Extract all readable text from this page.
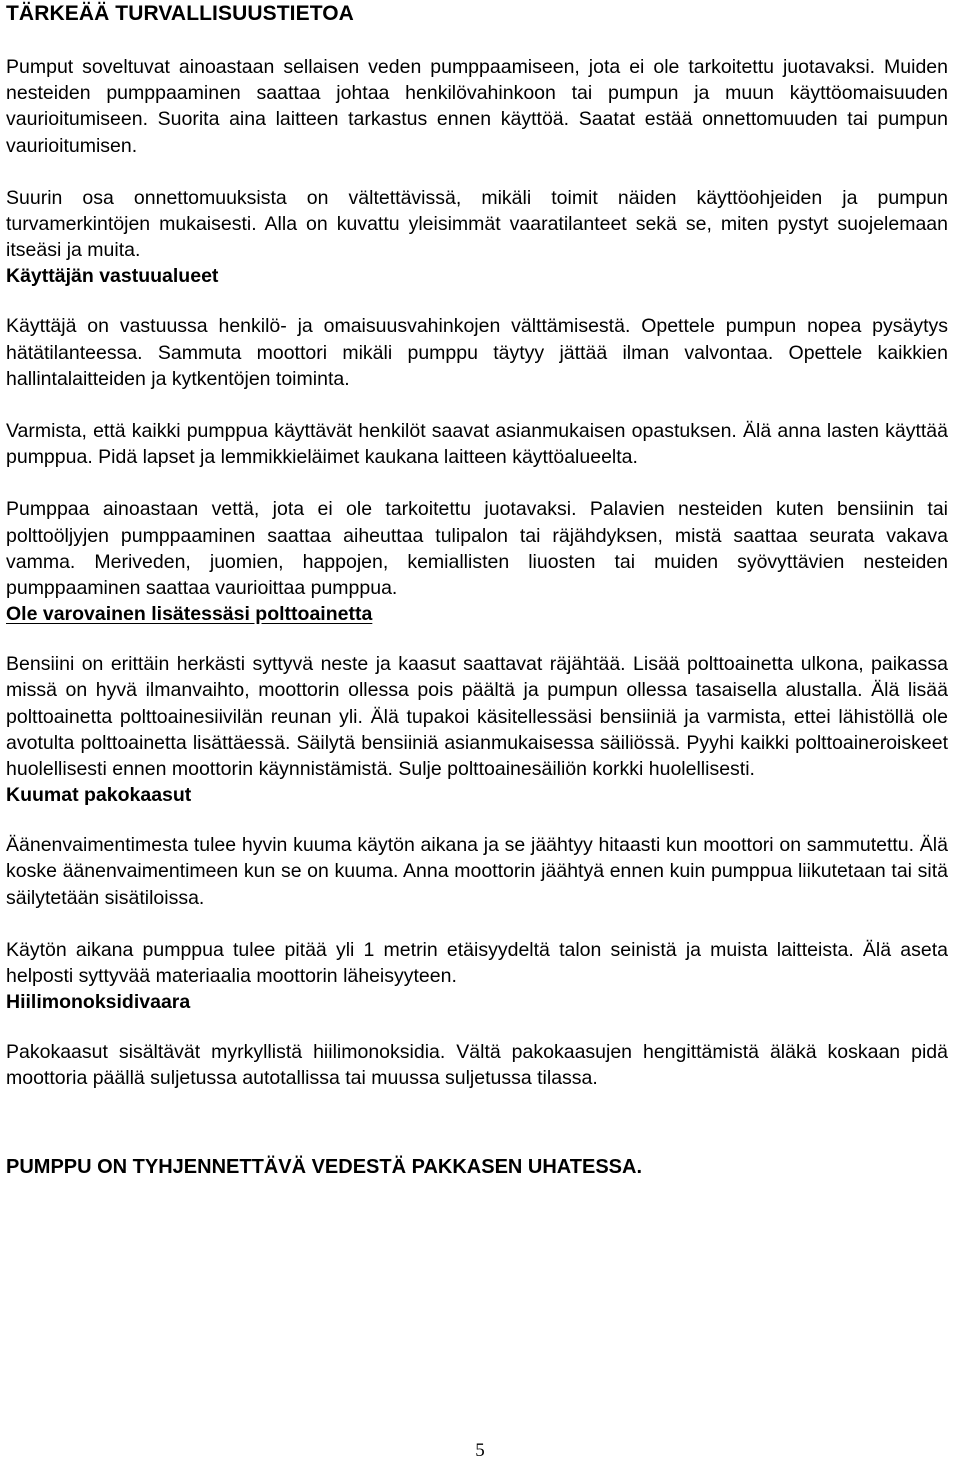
TÄRKEÄÄ TURVALLISUUSTIETOA

Pumput soveltuvat ainoastaan sellaisen veden pumppaamiseen, jota ei ole tarkoitettu juotavaksi. Muiden nesteiden pumppaaminen saattaa johtaa henkilövahinkoon tai pumpun ja muun käyttöomaisuuden vaurioitumiseen. Suorita aina laitteen tarkastus ennen käyttöä. Saatat estää onnettomuuden tai pumpun vaurioitumisen.

Suurin osa onnettomuuksista on vältettävissä, mikäli toimit näiden käyttöohjeiden ja pumpun turvamerkintöjen mukaisesti. Alla on kuvattu yleisimmät vaaratilanteet sekä se, miten pystyt suojelemaan itseäsi ja muita.

Käyttäjän vastuualueet

Käyttäjä on vastuussa henkilö- ja omaisuusvahinkojen välttämisestä. Opettele pumpun nopea pysäytys hätätilanteessa. Sammuta moottori mikäli pumppu täytyy jättää ilman valvontaa. Opettele kaikkien hallintalaitteiden ja kytkentöjen toiminta.

Varmista, että kaikki pumppua käyttävät henkilöt saavat asianmukaisen opastuksen. Älä anna lasten käyttää pumppua. Pidä lapset ja lemmikkieläimet kaukana laitteen käyttöalueelta.

Pumppaa ainoastaan vettä, jota ei ole tarkoitettu juotavaksi. Palavien nesteiden kuten bensiinin tai polttoöljyjen pumppaaminen saattaa aiheuttaa tulipalon tai räjähdyksen, mistä saattaa seurata vakava vamma. Meriveden, juomien, happojen, kemiallisten liuosten tai muiden syövyttävien nesteiden pumppaaminen saattaa vaurioittaa pumppua.

Ole varovainen lisätessäsi polttoainetta

Bensiini on erittäin herkästi syttyvä neste ja kaasut saattavat räjähtää. Lisää polttoainetta ulkona, paikassa missä on hyvä ilmanvaihto, moottorin ollessa pois päältä ja pumpun ollessa tasaisella alustalla. Älä lisää polttoainetta polttoainesiivilän reunan yli. Älä tupakoi käsitellessäsi bensiiniä ja varmista, ettei lähistöllä ole avotulta polttoainetta lisättäessä. Säilytä bensiiniä asianmukaisessa säiliössä. Pyyhi kaikki polttoaineroiskeet huolellisesti ennen moottorin käynnistämistä. Sulje polttoainesäiliön korkki huolellisesti.

Kuumat pakokaasut

Äänenvaimentimesta tulee hyvin kuuma käytön aikana ja se jäähtyy hitaasti kun moottori on sammutettu. Älä koske äänenvaimentimeen kun se on kuuma. Anna moottorin jäähtyä ennen kuin pumppua liikutetaan tai sitä säilytetään sisätiloissa.

Käytön aikana pumppua tulee pitää yli 1 metrin etäisyydeltä talon seinistä ja muista laitteista. Älä aseta helposti syttyvää materiaalia moottorin läheisyyteen.

Hiilimonoksidivaara

Pakokaasut sisältävät myrkyllistä hiilimonoksidia. Vältä pakokaasujen hengittämistä äläkä koskaan pidä moottoria päällä suljetussa autotallissa tai muussa suljetussa tilassa.

PUMPPU ON TYHJENNETTÄVÄ VEDESTÄ PAKKASEN UHATESSA.

5
